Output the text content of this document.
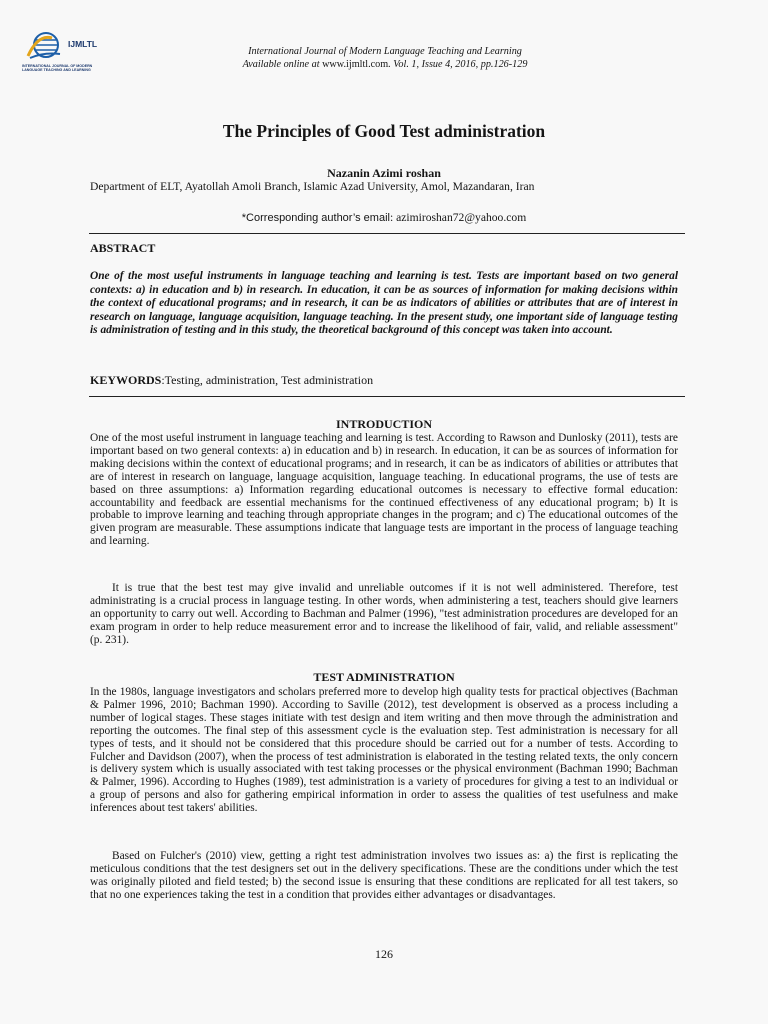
IJMLTL
INTERNATIONAL JOURNAL OF MODERN LANGUAGE TEACHING AND LEARNING
International Journal of Modern Language Teaching and Learning
Available online at www.ijmltl.com. Vol. 1, Issue 4, 2016, pp.126-129
The Principles of Good Test administration
Nazanin Azimi roshan
Department of ELT, Ayatollah Amoli Branch, Islamic Azad University, Amol, Mazandaran, Iran
*Corresponding author’s email: azimiroshan72@yahoo.com
ABSTRACT
One of the most useful instruments in language teaching and learning is test. Tests are important based on two general contexts: a) in education and b) in research. In education, it can be as sources of information for making decisions within the context of educational programs; and in research, it can be as indicators of abilities or attributes that are of interest in research on language, language acquisition, language teaching. In the present study, one important side of language testing is administration of testing and in this study, the theoretical background of this concept was taken into account.
KEYWORDS:Testing, administration, Test administration
INTRODUCTION
One of the most useful instrument in language teaching and learning is test. According to Rawson and Dunlosky (2011), tests are important based on two general contexts: a) in education and b) in research. In education, it can be as sources of information for making decisions within the context of educational programs; and in research, it can be as indicators of abilities or attributes that are of interest in research on language, language acquisition, language teaching. In educational programs, the use of tests are based on three assumptions: a) Information regarding educational outcomes is necessary to effective formal education: accountability and feedback are essential mechanisms for the continued effectiveness of any educational program; b) It is probable to improve learning and teaching through appropriate changes in the program; and c) The educational outcomes of the given program are measurable. These assumptions indicate that language tests are important in the process of language teaching and learning.
It is true that the best test may give invalid and unreliable outcomes if it is not well administered. Therefore, test administrating is a crucial process in language testing. In other words, when administering a test, teachers should give learners an opportunity to carry out well. According to Bachman and Palmer (1996), "test administration procedures are developed for an exam program in order to help reduce measurement error and to increase the likelihood of fair, valid, and reliable assessment" (p. 231).
TEST ADMINISTRATION
In the 1980s, language investigators and scholars preferred more to develop high quality tests for practical objectives (Bachman & Palmer 1996, 2010; Bachman 1990). According to Saville (2012), test development is observed as a process including a number of logical stages. These stages initiate with test design and item writing and then move through the administration and reporting the outcomes. The final step of this assessment cycle is the evaluation step. Test administration is necessary for all types of tests, and it should not be considered that this procedure should be carried out for a number of tests. According to Fulcher and Davidson (2007), when the process of test administration is elaborated in the testing related texts, the only concern is delivery system which is usually associated with test taking processes or the physical environment (Bachman 1990; Bachman & Palmer, 1996). According to Hughes (1989), test administration is a variety of procedures for giving a test to an individual or a group of persons and also for gathering empirical information in order to assess the qualities of test usefulness and make inferences about test takers' abilities.
Based on Fulcher's (2010) view, getting a right test administration involves two issues as: a) the first is replicating the meticulous conditions that the test designers set out in the delivery specifications. These are the conditions under which the test was originally piloted and field tested; b) the second issue is ensuring that these conditions are replicated for all test takers, so that no one experiences taking the test in a condition that provides either advantages or disadvantages.
126
